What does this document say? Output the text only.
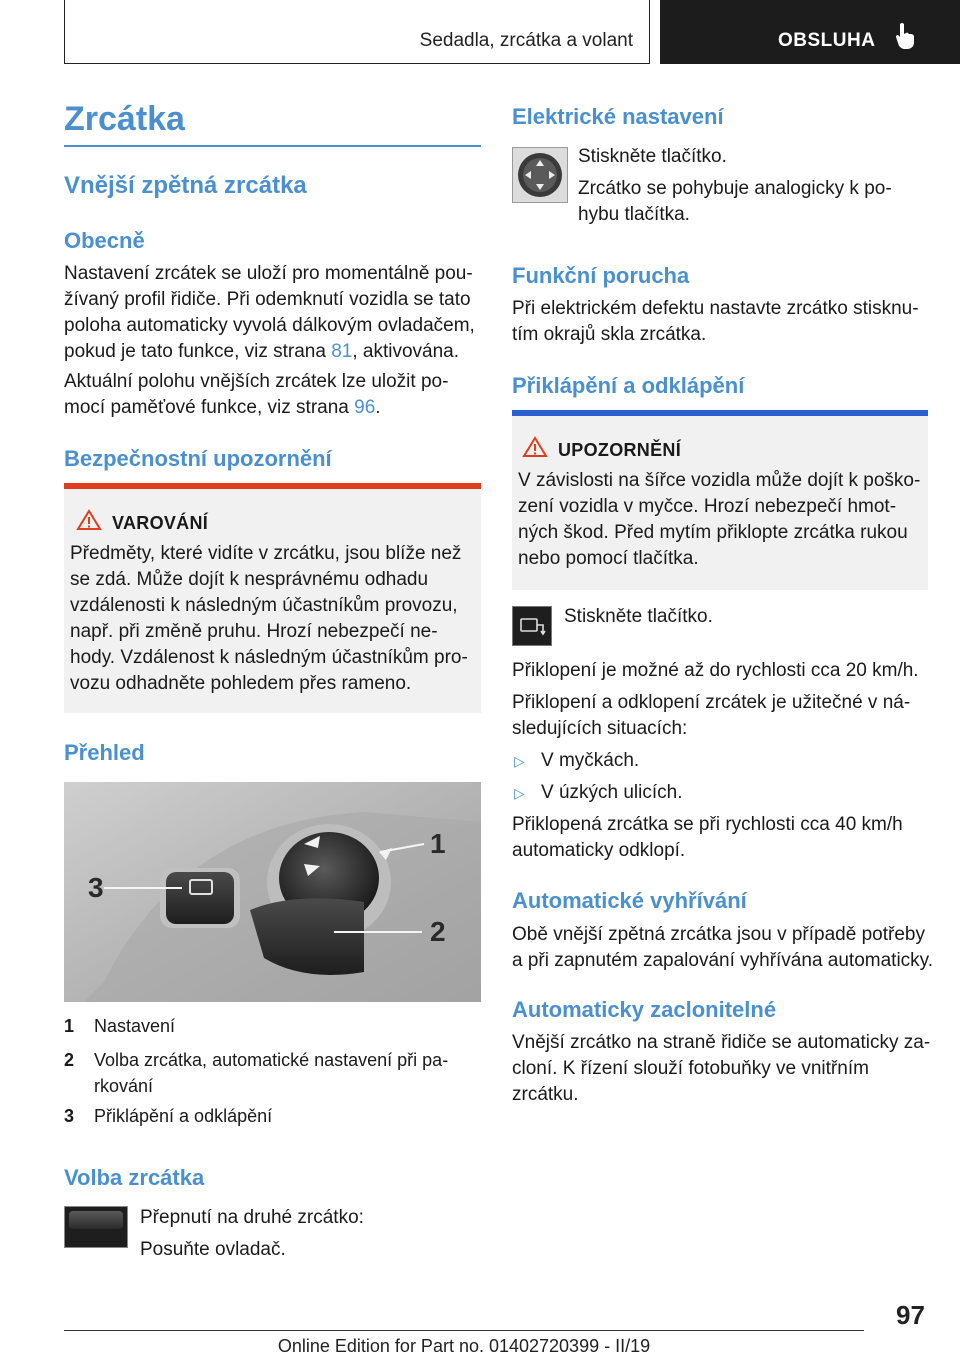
Sedadla, zrcátka a volant	OBSLUHA
Zrcátka
Vnější zpětná zrcátka
Obecně

Nastavení zrcátek se uloží pro momentálně pou- žívaný profil řidiče. Při odemknutí vozidla se tato poloha automaticky vyvolá dálkovým ovladačem, pokud je tato funkce, viz strana 81, aktivována.

Aktuální polohu vnějších zrcátek lze uložit po- mocí paměťové funkce, viz strana 96.

Bezpečnostní upozornění
VAROVÁNÍ

Předměty, které vidíte v zrcátku, jsou blíže než se zdá. Může dojít k nesprávnému odhadu vzdálenosti k následným účastníkům provozu, např. při změně pruhu. Hrozí nebezpečí ne- hody. Vzdálenost k následným účastníkům pro- vozu odhadněte pohledem přes rameno.

Přehled
1
2
3
1 Nastavení
2 Volba zrcátka, automatické nastavení při pa- rkování
3 Přiklápění a odklápění
Volba zrcátka

Přepnutí na druhé zrcátko:

Posuňte ovladač.

Elektrické nastavení

Stiskněte tlačítko.

Zrcátko se pohybuje analogicky k po- hybu tlačítka.

Funkční porucha

Při elektrickém defektu nastavte zrcátko stisknu- tím okrajů skla zrcátka.

Přiklápění a odklápění
UPOZORNĚNÍ

V závislosti na šířce vozidla může dojít k poško- zení vozidla v myčce. Hrozí nebezpečí hmot- ných škod. Před mytím přiklopte zrcátka rukou nebo pomocí tlačítka.

Stiskněte tlačítko.

Přiklopení je možné až do rychlosti cca 20 km/h.

Přiklopení a odklopení zrcátek je užitečné v ná- sledujících situacích:

▷ V myčkách.

▷ V úzkých ulicích.

Přiklopená zrcátka se při rychlosti cca 40 km/h automaticky odklopí.

Automatické vyhřívání

Obě vnější zpětná zrcátka jsou v případě potřeby a při zapnutém zapalování vyhřívána automaticky.

Automaticky zaclonitelné

Vnější zrcátko na straně řidiče se automaticky za- cloní. K řízení slouží fotobuňky ve vnitřním zrcátku.

97
Online Edition for Part no. 01402720399 - II/19
